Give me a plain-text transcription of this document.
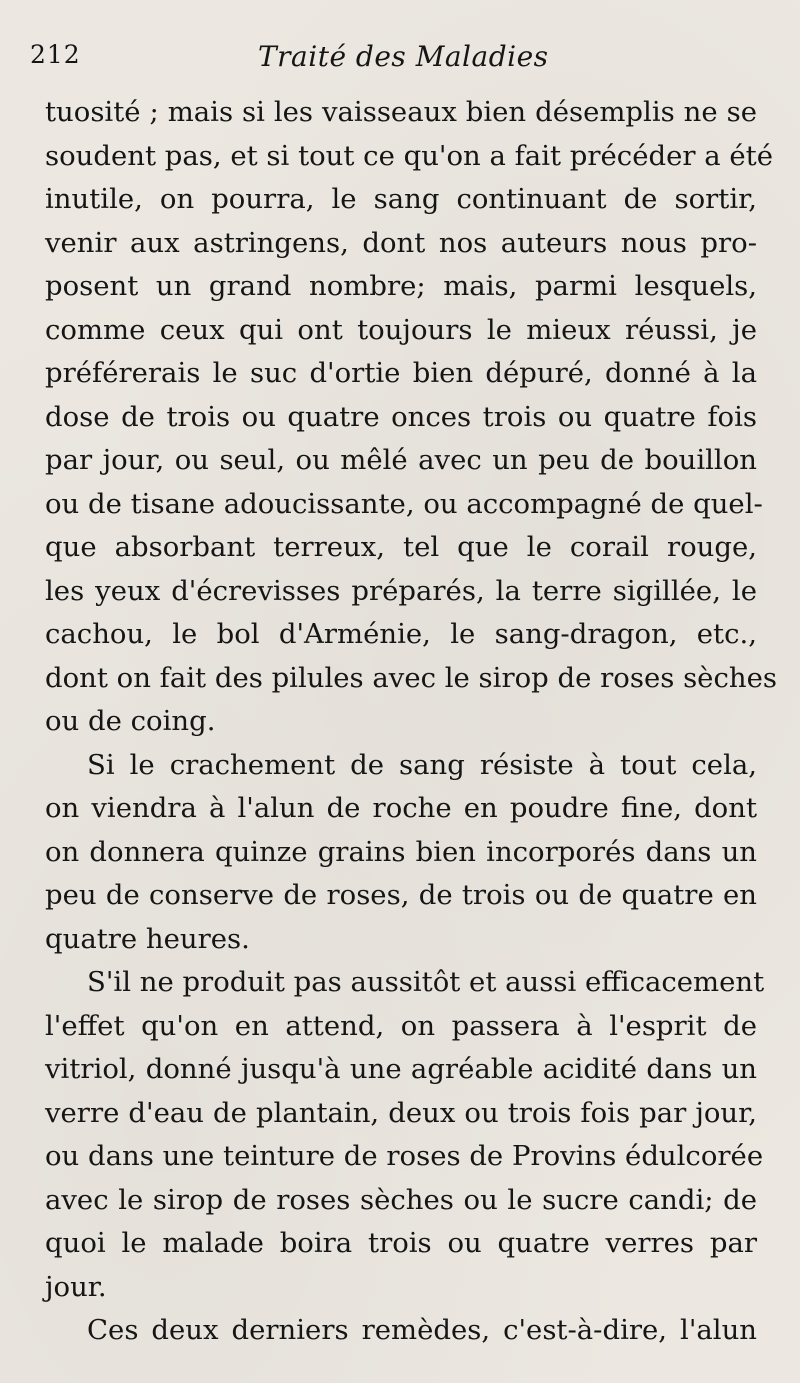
212	Traité des Maladies
tuosité ; mais si les vaisseaux bien désemplis ne se
soudent pas, et si tout ce qu'on a fait précéder a été
inutile, on pourra, le sang continuant de sortir,
venir aux astringens, dont nos auteurs nous pro-
posent un grand nombre; mais, parmi lesquels,
comme ceux qui ont toujours le mieux réussi, je
préférerais le suc d'ortie bien dépuré, donné à la
dose de trois ou quatre onces trois ou quatre fois
par jour, ou seul, ou mêlé avec un peu de bouillon
ou de tisane adoucissante, ou accompagné de quel-
que absorbant terreux, tel que le corail rouge,
les yeux d'écrevisses préparés, la terre sigillée, le
cachou, le bol d'Arménie, le sang-dragon, etc.,
dont on fait des pilules avec le sirop de roses sèches
ou de coing.
Si le crachement de sang résiste à tout cela,
on viendra à l'alun de roche en poudre fine, dont
on donnera quinze grains bien incorporés dans un
peu de conserve de roses, de trois ou de quatre en
quatre heures.
S'il ne produit pas aussitôt et aussi efficacement
l'effet qu'on en attend, on passera à l'esprit de
vitriol, donné jusqu'à une agréable acidité dans un
verre d'eau de plantain, deux ou trois fois par jour,
ou dans une teinture de roses de Provins édulcorée
avec le sirop de roses sèches ou le sucre candi; de
quoi le malade boira trois ou quatre verres par
jour.
Ces deux derniers remèdes, c'est-à-dire, l'alun
